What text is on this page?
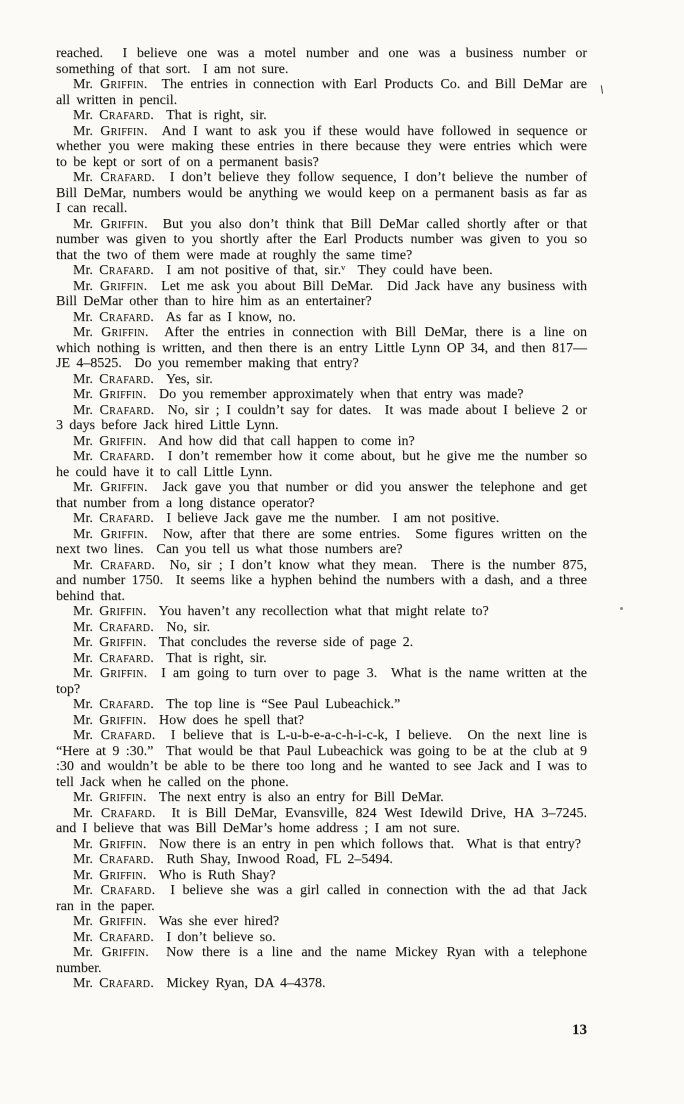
reached.  I believe one was a motel number and one was a business number or something of that sort.  I am not sure.

Mr. Griffin.  The entries in connection with Earl Products Co. and Bill DeMar are all written in pencil.

Mr. Crafard.  That is right, sir.

Mr. Griffin.  And I want to ask you if these would have followed in sequence or whether you were making these entries in there because they were entries which were to be kept or sort of on a permanent basis?

Mr. Crafard.  I don’t believe they follow sequence, I don’t believe the number of Bill DeMar, numbers would be anything we would keep on a permanent basis as far as I can recall.

Mr. Griffin.  But you also don’t think that Bill DeMar called shortly after or that number was given to you shortly after the Earl Products number was given to you so that the two of them were made at roughly the same time?

Mr. Crafard.  I am not positive of that, sir.ᵛ  They could have been.

Mr. Griffin.  Let me ask you about Bill DeMar.  Did Jack have any business with Bill DeMar other than to hire him as an entertainer?

Mr. Crafard.  As far as I know, no.

Mr. Griffin.  After the entries in connection with Bill DeMar, there is a line on which nothing is written, and then there is an entry Little Lynn OP 34, and then 817—JE 4–8525.  Do you remember making that entry?

Mr. Crafard.  Yes, sir.

Mr. Griffin.  Do you remember approximately when that entry was made?

Mr. Crafard.  No, sir ; I couldn’t say for dates.  It was made about I believe 2 or 3 days before Jack hired Little Lynn.

Mr. Griffin.  And how did that call happen to come in?

Mr. Crafard.  I don’t remember how it come about, but he give me the number so he could have it to call Little Lynn.

Mr. Griffin.  Jack gave you that number or did you answer the telephone and get that number from a long distance operator?

Mr. Crafard.  I believe Jack gave me the number.  I am not positive.

Mr. Griffin.  Now, after that there are some entries.  Some figures written on the next two lines.  Can you tell us what those numbers are?

Mr. Crafard.  No, sir ; I don’t know what they mean.  There is the number 875, and number 1750.  It seems like a hyphen behind the numbers with a dash, and a three behind that.

Mr. Griffin.  You haven’t any recollection what that might relate to?

Mr. Crafard.  No, sir.

Mr. Griffin.  That concludes the reverse side of page 2.

Mr. Crafard.  That is right, sir.

Mr. Griffin.  I am going to turn over to page 3.  What is the name written at the top?

Mr. Crafard.  The top line is “See Paul Lubeachick.”

Mr. Griffin.  How does he spell that?

Mr. Crafard.  I believe that is L-u-b-e-a-c-h-i-c-k, I believe.  On the next line is “Here at 9 :30.”  That would be that Paul Lubeachick was going to be at the club at 9 :30 and wouldn’t be able to be there too long and he wanted to see Jack and I was to tell Jack when he called on the phone.

Mr. Griffin.  The next entry is also an entry for Bill DeMar.

Mr. Crafard.  It is Bill DeMar, Evansville, 824 West Idewild Drive, HA 3–7245. and I believe that was Bill DeMar’s home address ; I am not sure.

Mr. Griffin.  Now there is an entry in pen which follows that.  What is that entry?

Mr. Crafard.  Ruth Shay, Inwood Road, FL 2–5494.

Mr. Griffin.  Who is Ruth Shay?

Mr. Crafard.  I believe she was a girl called in connection with the ad that Jack ran in the paper.

Mr. Griffin.  Was she ever hired?

Mr. Crafard.  I don’t believe so.

Mr. Griffin.  Now there is a line and the name Mickey Ryan with a telephone number.

Mr. Crafard.  Mickey Ryan, DA 4–4378.

\
13
